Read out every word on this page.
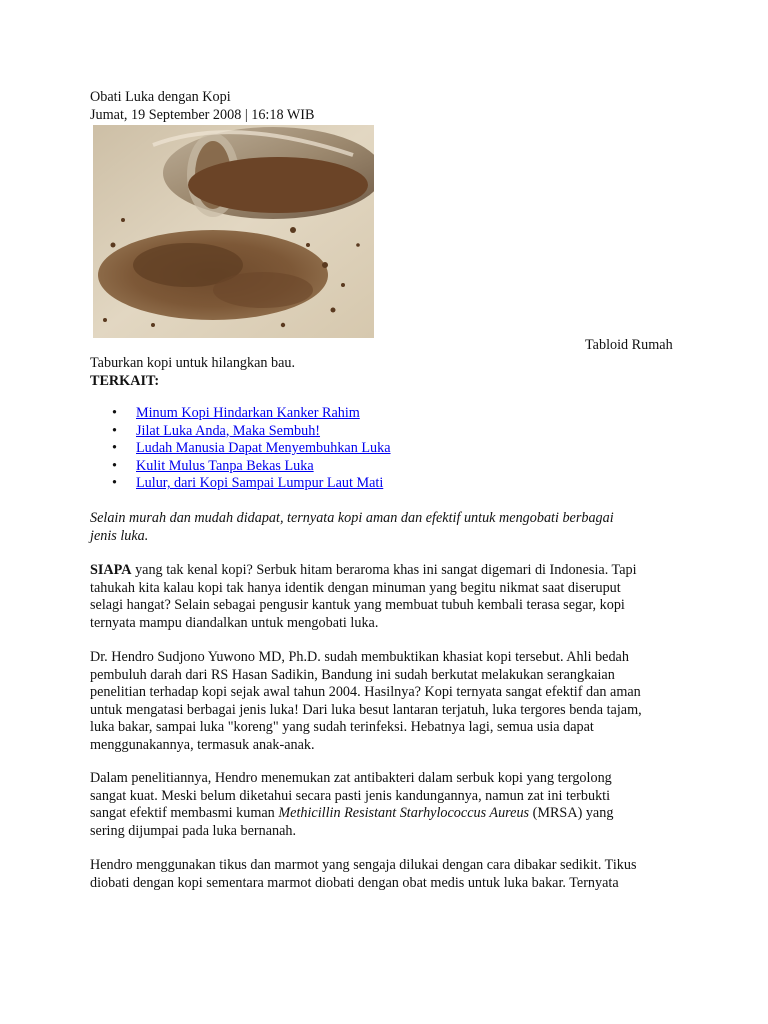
Obati Luka dengan Kopi
Jumat, 19 September 2008 | 16:18 WIB
Tabloid Rumah
Taburkan kopi untuk hilangkan bau.
TERKAIT:
• Minum Kopi Hindarkan Kanker Rahim
• Jilat Luka Anda, Maka Sembuh!
• Ludah Manusia Dapat Menyembuhkan Luka
• Kulit Mulus Tanpa Bekas Luka
• Lulur, dari Kopi Sampai Lumpur Laut Mati

Selain murah dan mudah didapat, ternyata kopi aman dan efektif untuk mengobati berbagai
jenis luka.

SIAPA yang tak kenal kopi? Serbuk hitam beraroma khas ini sangat digemari di Indonesia. Tapi
tahukah kita kalau kopi tak hanya identik dengan minuman yang begitu nikmat saat diseruput
selagi hangat? Selain sebagai pengusir kantuk yang membuat tubuh kembali terasa segar, kopi
ternyata mampu diandalkan untuk mengobati luka.

Dr. Hendro Sudjono Yuwono MD, Ph.D. sudah membuktikan khasiat kopi tersebut. Ahli bedah
pembuluh darah dari RS Hasan Sadikin, Bandung ini sudah berkutat melakukan serangkaian
penelitian terhadap kopi sejak awal tahun 2004. Hasilnya? Kopi ternyata sangat efektif dan aman
untuk mengatasi berbagai jenis luka! Dari luka besut lantaran terjatuh, luka tergores benda tajam,
luka bakar, sampai luka "koreng" yang sudah terinfeksi. Hebatnya lagi, semua usia dapat
menggunakannya, termasuk anak-anak.

Dalam penelitiannya, Hendro menemukan zat antibakteri dalam serbuk kopi yang tergolong
sangat kuat. Meski belum diketahui secara pasti jenis kandungannya, namun zat ini terbukti
sangat efektif membasmi kuman Methicillin Resistant Starhylococcus Aureus (MRSA) yang
sering dijumpai pada luka bernanah.

Hendro menggunakan tikus dan marmot yang sengaja dilukai dengan cara dibakar sedikit. Tikus
diobati dengan kopi sementara marmot diobati dengan obat medis untuk luka bakar. Ternyata
